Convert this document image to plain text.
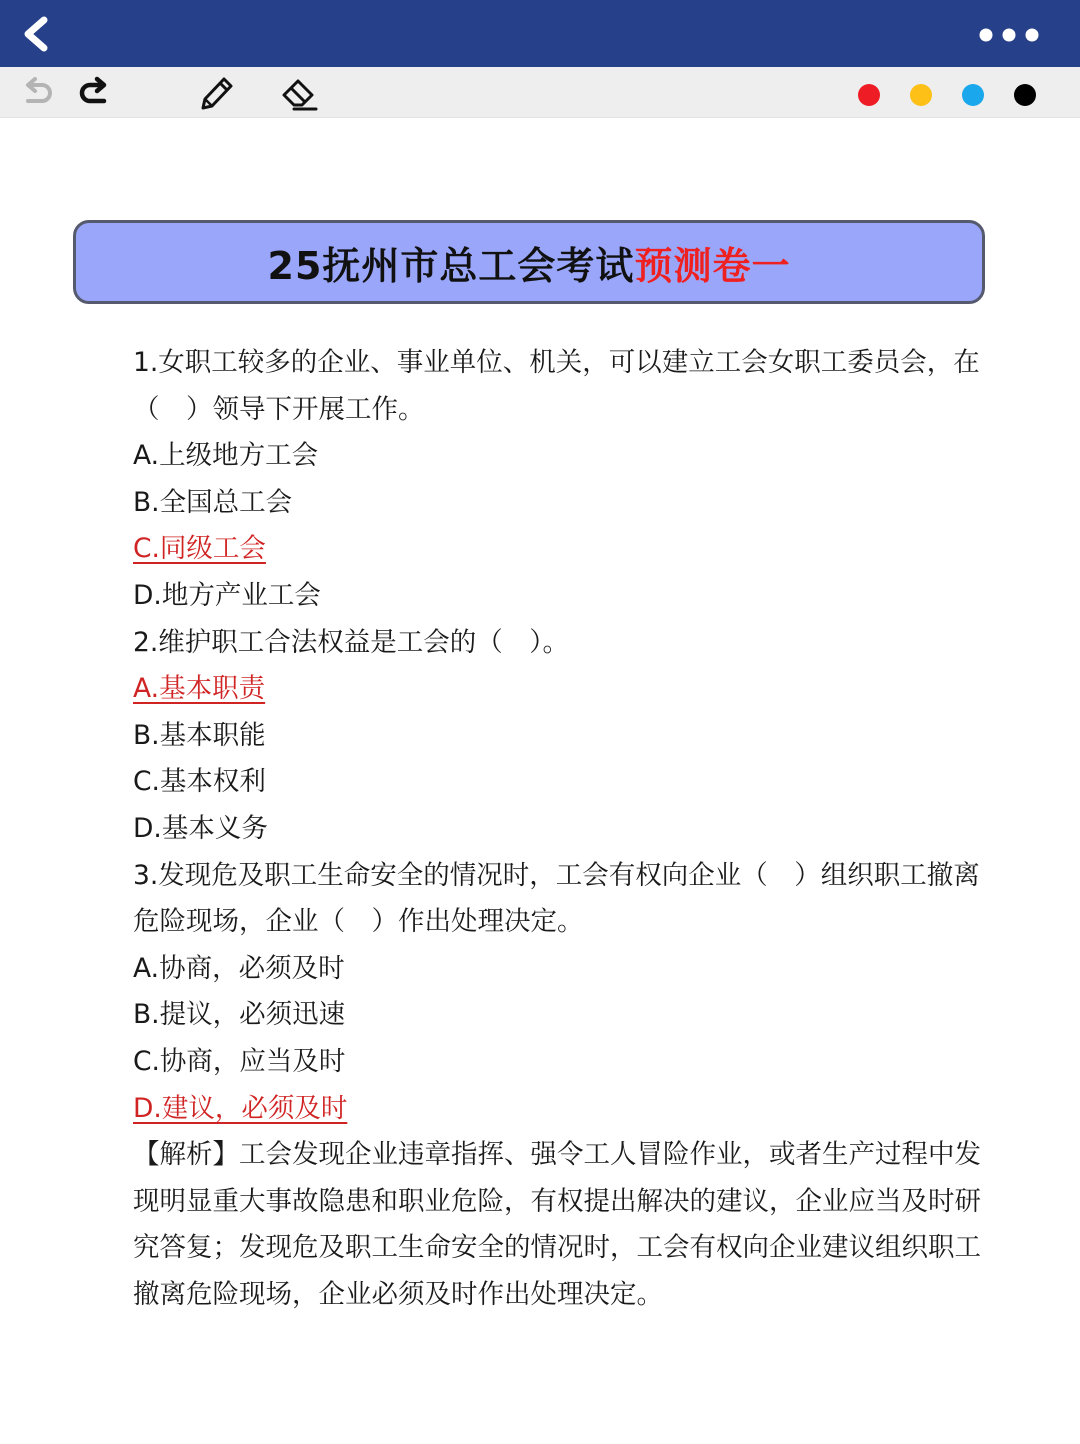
25抚州市总工会考试 预测卷一

1.女职工较多的企业、事业单位、机关，可以建立工会女职工委员会，在（　）领导下开展工作。

A.上级地方工会

B.全国总工会

C.同级工会

D.地方产业工会

2.维护职工合法权益是工会的（　）。

A.基本职责

B.基本职能

C.基本权利

D.基本义务

3.发现危及职工生命安全的情况时，工会有权向企业（　）组织职工撤离危险现场，企业（　）作出处理决定。

A.协商，必须及时

B.提议，必须迅速

C.协商，应当及时

D.建议，必须及时

【解析】工会发现企业违章指挥、强令工人冒险作业，或者生产过程中发现明显重大事故隐患和职业危险，有权提出解决的建议，企业应当及时研究答复；发现危及职工生命安全的情况时，工会有权向企业建议组织职工撤离危险现场，企业必须及时作出处理决定。
